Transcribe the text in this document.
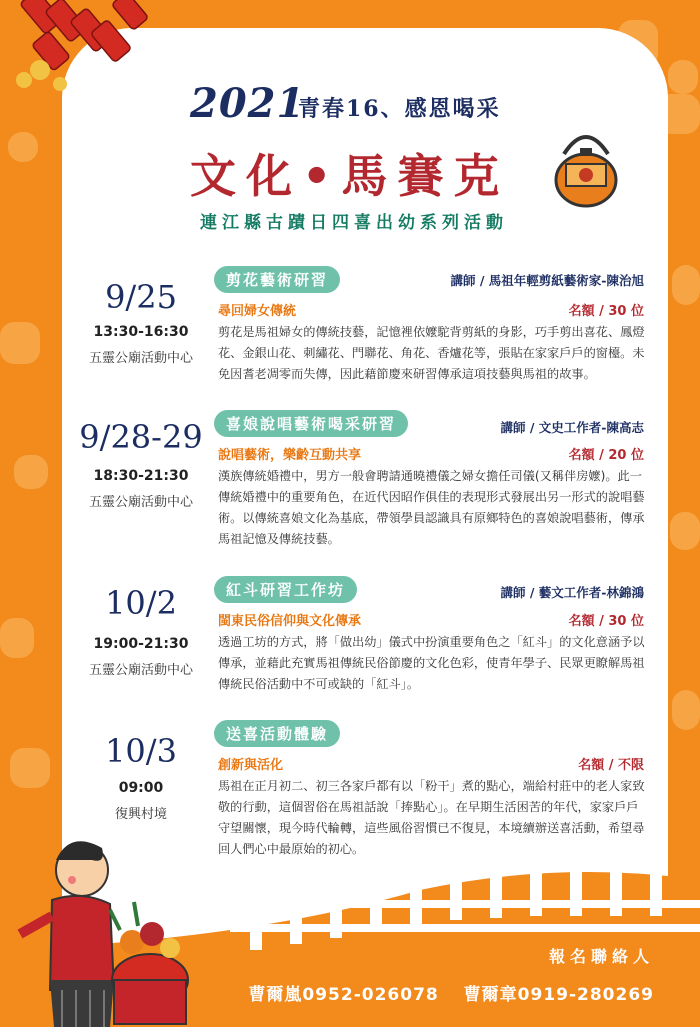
2021
青春16、感恩喝采
文化•馬賽克
連江縣古蹟日四喜出幼系列活動
9/25
13:30-16:30
五靈公廟活動中心
剪花藝術研習	講師 / 馬祖年輕剪紙藝術家-陳治旭
尋回婦女傳統	名額 / 30 位
剪花是馬祖婦女的傳統技藝，記憶裡依嬤駝背剪紙的身影，巧手剪出喜花、鳳燈花、金銀山花、刺繡花、門聯花、角花、香爐花等，張貼在家家戶戶的窗檯。未免因耆老凋零而失傳，因此藉節慶來研習傳承這項技藝與馬祖的故事。
9/28-29
18:30-21:30
五靈公廟活動中心
喜娘說唱藝術喝采研習	講師 / 文史工作者-陳高志
說唱藝術，樂齡互動共享	名額 / 20 位
漢族傳統婚禮中，男方一般會聘請通曉禮儀之婦女擔任司儀(又稱伴房嬤)。此一傳統婚禮中的重要角色，在近代因昭作俱佳的表現形式發展出另一形式的說唱藝術。以傳統喜娘文化為基底，帶領學員認識具有原鄉特色的喜娘說唱藝術，傳承馬祖記憶及傳統技藝。
10/2
19:00-21:30
五靈公廟活動中心
紅斗研習工作坊	講師 / 藝文工作者-林錦鴻
閩東民俗信仰與文化傳承	名額 / 30 位
透過工坊的方式，將「做出幼」儀式中扮演重要角色之「紅斗」的文化意涵予以傳承，並藉此充實馬祖傳統民俗節慶的文化色彩，使青年學子、民眾更瞭解馬祖傳統民俗活動中不可或缺的「紅斗」。
10/3
09:00
復興村境
送喜活動體驗
創新與活化	名額 / 不限
馬祖在正月初二、初三各家戶都有以「粉干」煮的點心，端給村莊中的老人家致敬的行動，這個習俗在馬祖話說「捧點心」。在早期生活困苦的年代，家家戶戶守望關懷，現今時代輪轉，這些風俗習慣已不復見，本境續辦送喜活動，希望尋回人們心中最原始的初心。
報名聯絡人
曹爾嵐0952-026078 曹爾章0919-280269
